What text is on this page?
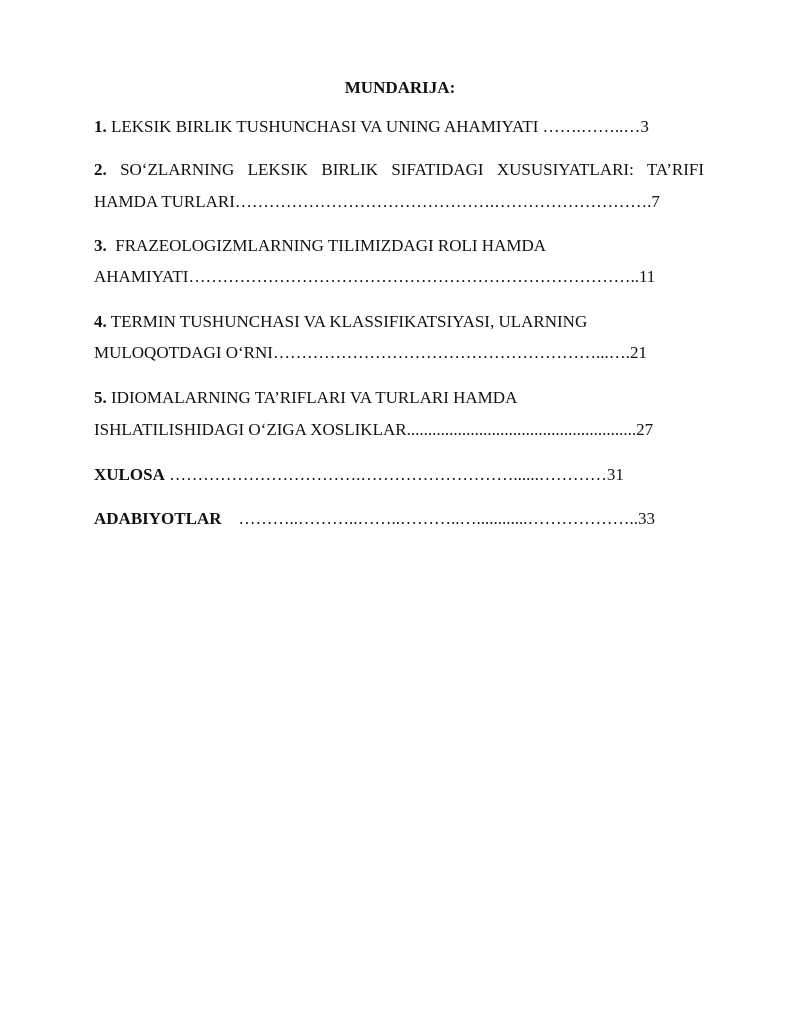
MUNDARIJA:
1. LEKSIK BIRLIK TUSHUNCHASI VA UNING AHAMIYATI …….……..…3
2. SO‘ZLARNING LEKSIK BIRLIK SIFATIDAGI XUSUSIYATLARI: TA’RIFI
HAMDA TURLARI……………………………………….……………………….7
3. FRAZEOLOGIZMLARNING TILIMIZDAGI ROLI HAMDA
AHAMIYATI……………………………………………………………………..11
4. TERMIN TUSHUNCHASI VA KLASSIFIKATSIYASI, ULARNING
MULOQOTDAGI O‘RNI…………………………………………………...….21
5. IDIOMALARNING TA’RIFLARI VA TURLARI HAMDA
ISHLATILISHIDAGI O‘ZIGA XOSLIKLAR......................................................27
XULOSA …………………………….………………………......…………31
ADABIYOTLAR ………..………..……..………..…............………………..33
